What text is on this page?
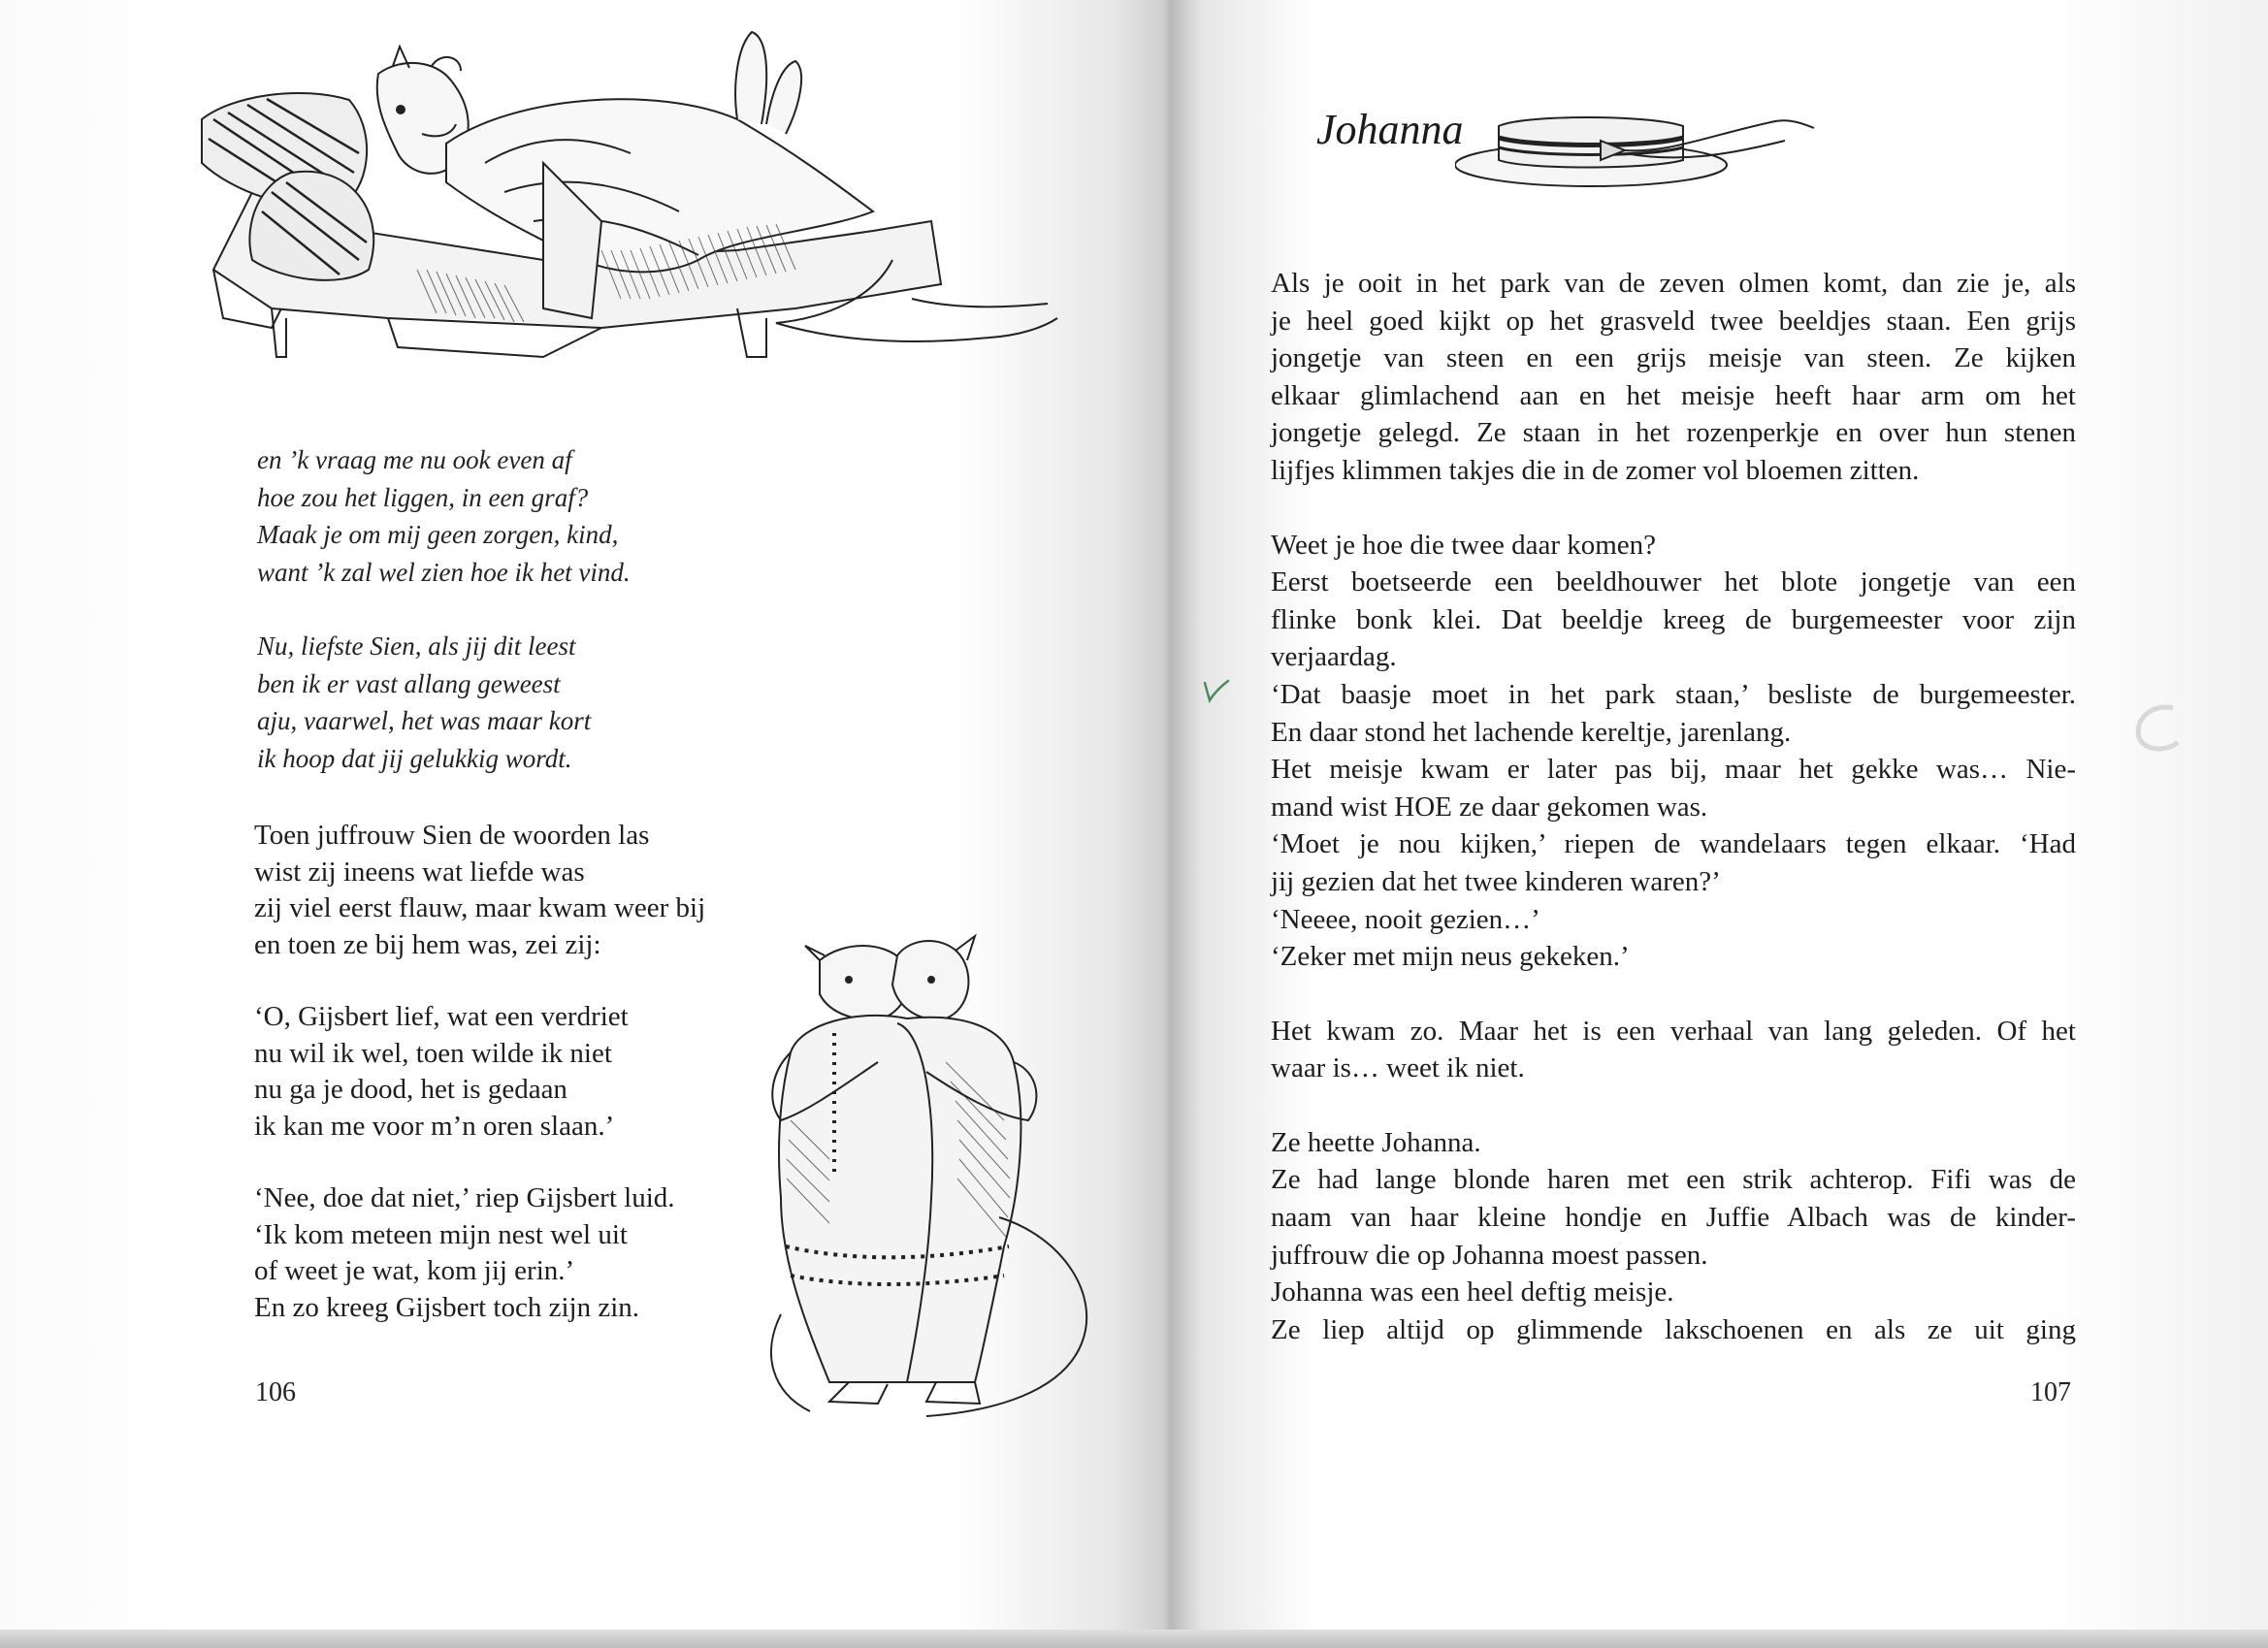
en ’k vraag me nu ook even af
hoe zou het liggen, in een graf?
Maak je om mij geen zorgen, kind,
want ’k zal wel zien hoe ik het vind.
Nu, liefste Sien, als jij dit leest
ben ik er vast allang geweest
aju, vaarwel, het was maar kort
ik hoop dat jij gelukkig wordt.
Toen juffrouw Sien de woorden las
wist zij ineens wat liefde was
zij viel eerst flauw, maar kwam weer bij
en toen ze bij hem was, zei zij:
‘O, Gijsbert lief, wat een verdriet
nu wil ik wel, toen wilde ik niet
nu ga je dood, het is gedaan
ik kan me voor m’n oren slaan.’
‘Nee, doe dat niet,’ riep Gijsbert luid.
‘Ik kom meteen mijn nest wel uit
of weet je wat, kom jij erin.’
En zo kreeg Gijsbert toch zijn zin.
106
Johanna
Als je ooit in het park van de zeven olmen komt, dan zie je, als
je heel goed kijkt op het grasveld twee beeldjes staan. Een grijs
jongetje van steen en een grijs meisje van steen. Ze kijken
elkaar glimlachend aan en het meisje heeft haar arm om het
jongetje gelegd. Ze staan in het rozenperkje en over hun stenen
lijfjes klimmen takjes die in de zomer vol bloemen zitten.
Weet je hoe die twee daar komen?
Eerst boetseerde een beeldhouwer het blote jongetje van een
flinke bonk klei. Dat beeldje kreeg de burgemeester voor zijn
verjaardag.
‘Dat baasje moet in het park staan,’ besliste de burgemeester.
En daar stond het lachende kereltje, jarenlang.
Het meisje kwam er later pas bij, maar het gekke was… Nie-
mand wist HOE ze daar gekomen was.
‘Moet je nou kijken,’ riepen de wandelaars tegen elkaar. ‘Had
jij gezien dat het twee kinderen waren?’
‘Neeee, nooit gezien…’
‘Zeker met mijn neus gekeken.’
Het kwam zo. Maar het is een verhaal van lang geleden. Of het
waar is… weet ik niet.
Ze heette Johanna.
Ze had lange blonde haren met een strik achterop. Fifi was de
naam van haar kleine hondje en Juffie Albach was de kinder-
juffrouw die op Johanna moest passen.
Johanna was een heel deftig meisje.
Ze liep altijd op glimmende lakschoenen en als ze uit ging
107
